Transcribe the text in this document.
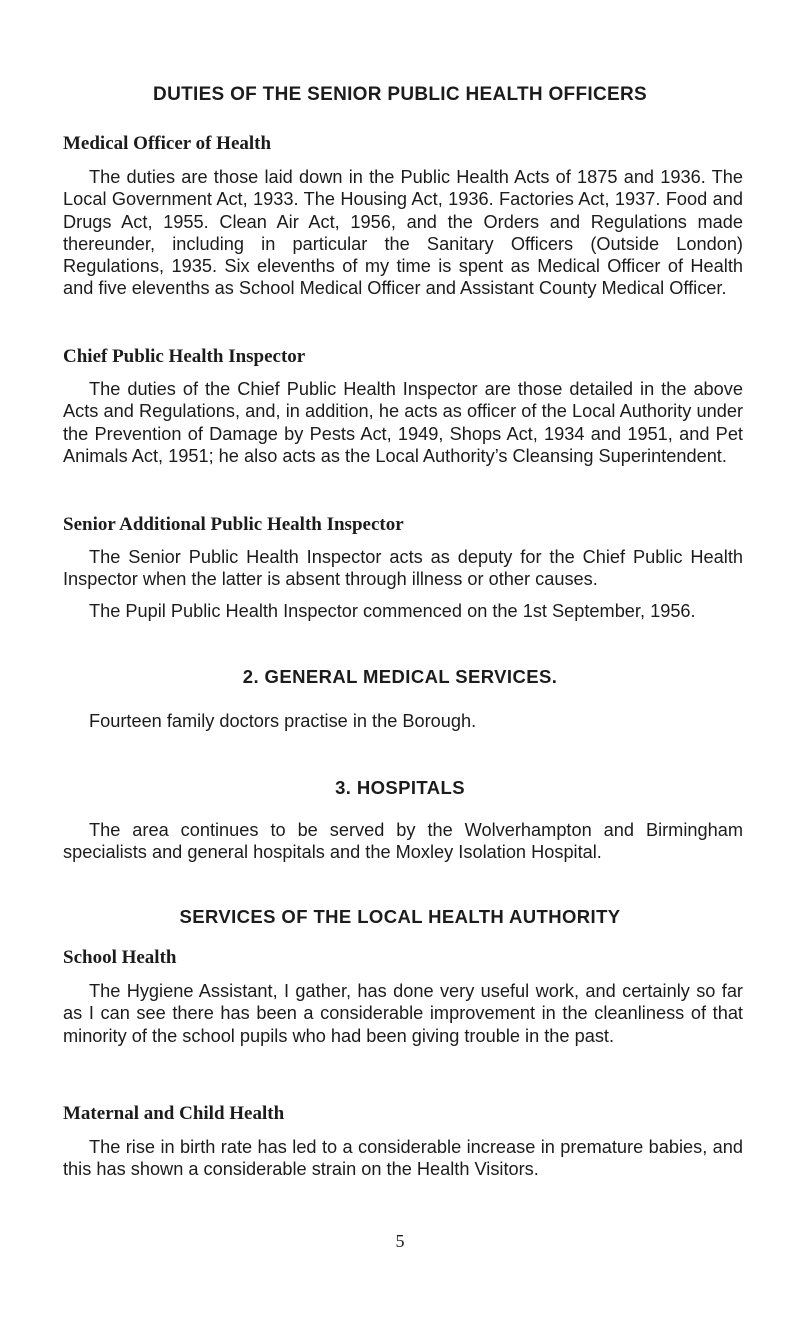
DUTIES OF THE SENIOR PUBLIC HEALTH OFFICERS
Medical Officer of Health

The duties are those laid down in the Public Health Acts of 1875 and 1936. The Local Government Act, 1933. The Housing Act, 1936. Factories Act, 1937. Food and Drugs Act, 1955. Clean Air Act, 1956, and the Orders and Regulations made thereunder, including in particular the Sanitary Officers (Outside London) Regulations, 1935. Six elevenths of my time is spent as Medical Officer of Health and five elevenths as School Medical Officer and Assistant County Medical Officer.

Chief Public Health Inspector

The duties of the Chief Public Health Inspector are those detailed in the above Acts and Regulations, and, in addition, he acts as officer of the Local Authority under the Prevention of Damage by Pests Act, 1949, Shops Act, 1934 and 1951, and Pet Animals Act, 1951; he also acts as the Local Authority’s Cleansing Superintendent.

Senior Additional Public Health Inspector

The Senior Public Health Inspector acts as deputy for the Chief Public Health Inspector when the latter is absent through illness or other causes.

The Pupil Public Health Inspector commenced on the 1st September, 1956.

2. GENERAL MEDICAL SERVICES.

Fourteen family doctors practise in the Borough.

3. HOSPITALS

The area continues to be served by the Wolverhampton and Birmingham specialists and general hospitals and the Moxley Isolation Hospital.

SERVICES OF THE LOCAL HEALTH AUTHORITY
School Health

The Hygiene Assistant, I gather, has done very useful work, and certainly so far as I can see there has been a considerable improvement in the cleanliness of that minority of the school pupils who had been giving trouble in the past.

Maternal and Child Health

The rise in birth rate has led to a considerable increase in premature babies, and this has shown a considerable strain on the Health Visitors.

5
